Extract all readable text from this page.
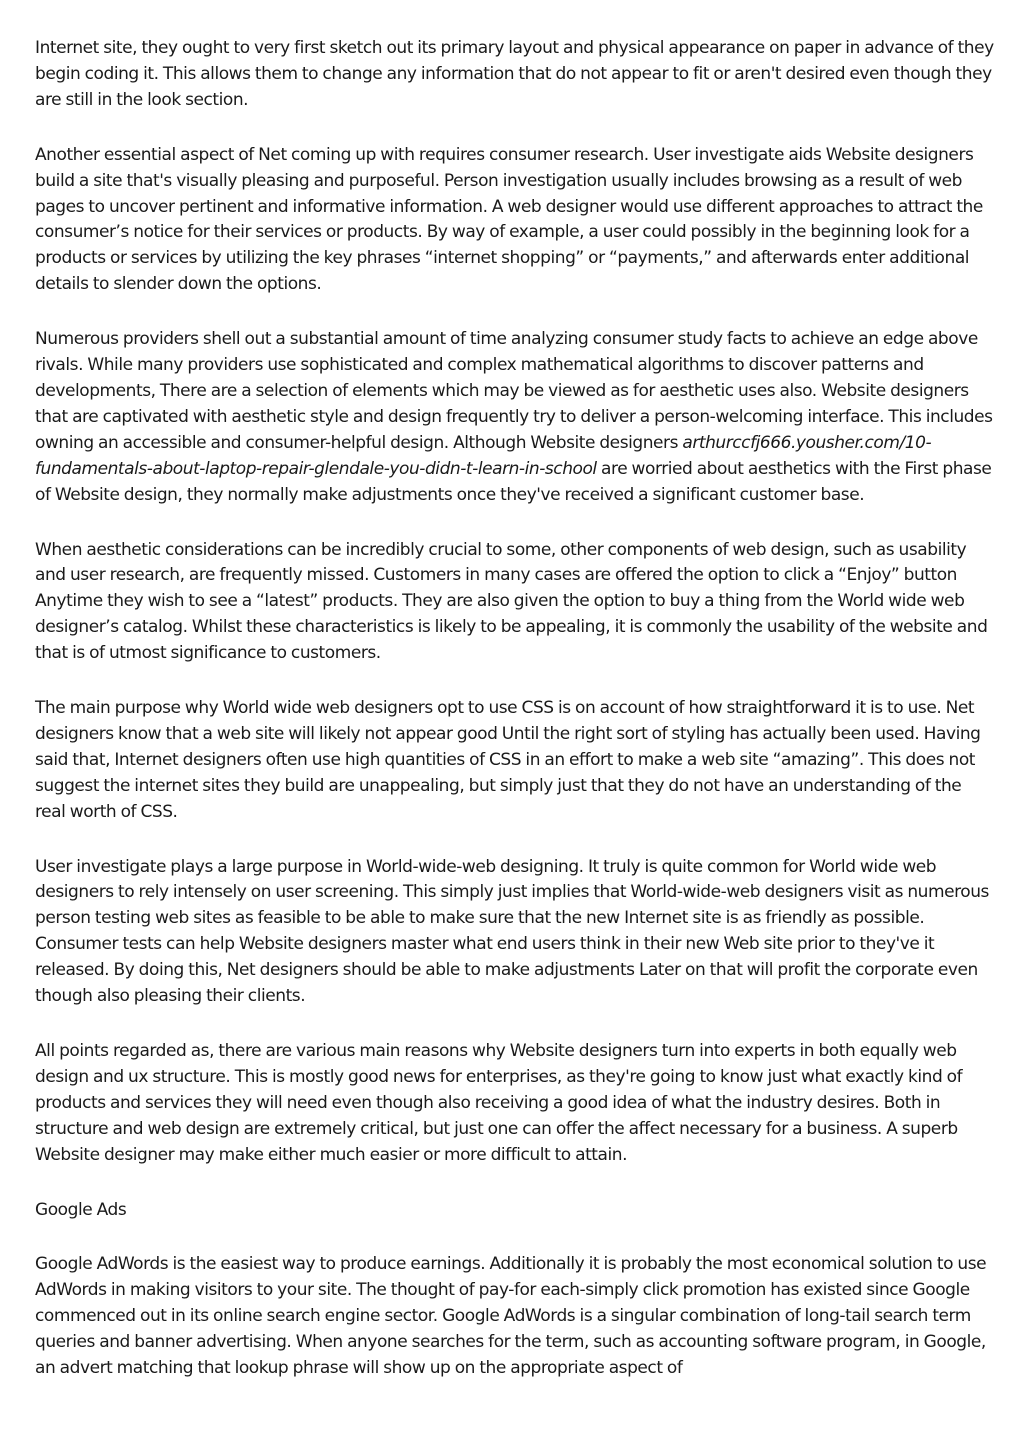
Internet site, they ought to very first sketch out its primary layout and physical appearance on paper in advance of they begin coding it. This allows them to change any information that do not appear to fit or aren't desired even though they are still in the look section.

Another essential aspect of Net coming up with requires consumer research. User investigate aids Website designers build a site that's visually pleasing and purposeful. Person investigation usually includes browsing as a result of web pages to uncover pertinent and informative information. A web designer would use different approaches to attract the consumer’s notice for their services or products. By way of example, a user could possibly in the beginning look for a products or services by utilizing the key phrases “internet shopping” or “payments,” and afterwards enter additional details to slender down the options.

Numerous providers shell out a substantial amount of time analyzing consumer study facts to achieve an edge above rivals. While many providers use sophisticated and complex mathematical algorithms to discover patterns and developments, There are a selection of elements which may be viewed as for aesthetic uses also. Website designers that are captivated with aesthetic style and design frequently try to deliver a person-welcoming interface. This includes owning an accessible and consumer-helpful design. Although Website designers arthurccfj666.yousher.com/10-fundamentals-about-laptop-repair-glendale-you-didn-t-learn-in-school are worried about aesthetics with the First phase of Website design, they normally make adjustments once they've received a significant customer base.

When aesthetic considerations can be incredibly crucial to some, other components of web design, such as usability and user research, are frequently missed. Customers in many cases are offered the option to click a “Enjoy” button Anytime they wish to see a “latest” products. They are also given the option to buy a thing from the World wide web designer’s catalog. Whilst these characteristics is likely to be appealing, it is commonly the usability of the website and that is of utmost significance to customers.

The main purpose why World wide web designers opt to use CSS is on account of how straightforward it is to use. Net designers know that a web site will likely not appear good Until the right sort of styling has actually been used. Having said that, Internet designers often use high quantities of CSS in an effort to make a web site “amazing”. This does not suggest the internet sites they build are unappealing, but simply just that they do not have an understanding of the real worth of CSS.

User investigate plays a large purpose in World-wide-web designing. It truly is quite common for World wide web designers to rely intensely on user screening. This simply just implies that World-wide-web designers visit as numerous person testing web sites as feasible to be able to make sure that the new Internet site is as friendly as possible. Consumer tests can help Website designers master what end users think in their new Web site prior to they've it released. By doing this, Net designers should be able to make adjustments Later on that will profit the corporate even though also pleasing their clients.

All points regarded as, there are various main reasons why Website designers turn into experts in both equally web design and ux structure. This is mostly good news for enterprises, as they're going to know just what exactly kind of products and services they will need even though also receiving a good idea of what the industry desires. Both in structure and web design are extremely critical, but just one can offer the affect necessary for a business. A superb Website designer may make either much easier or more difficult to attain.

Google Ads

Google AdWords is the easiest way to produce earnings. Additionally it is probably the most economical solution to use AdWords in making visitors to your site. The thought of pay-for each-simply click promotion has existed since Google commenced out in its online search engine sector. Google AdWords is a singular combination of long-tail search term queries and banner advertising. When anyone searches for the term, such as accounting software program, in Google, an advert matching that lookup phrase will show up on the appropriate aspect of
